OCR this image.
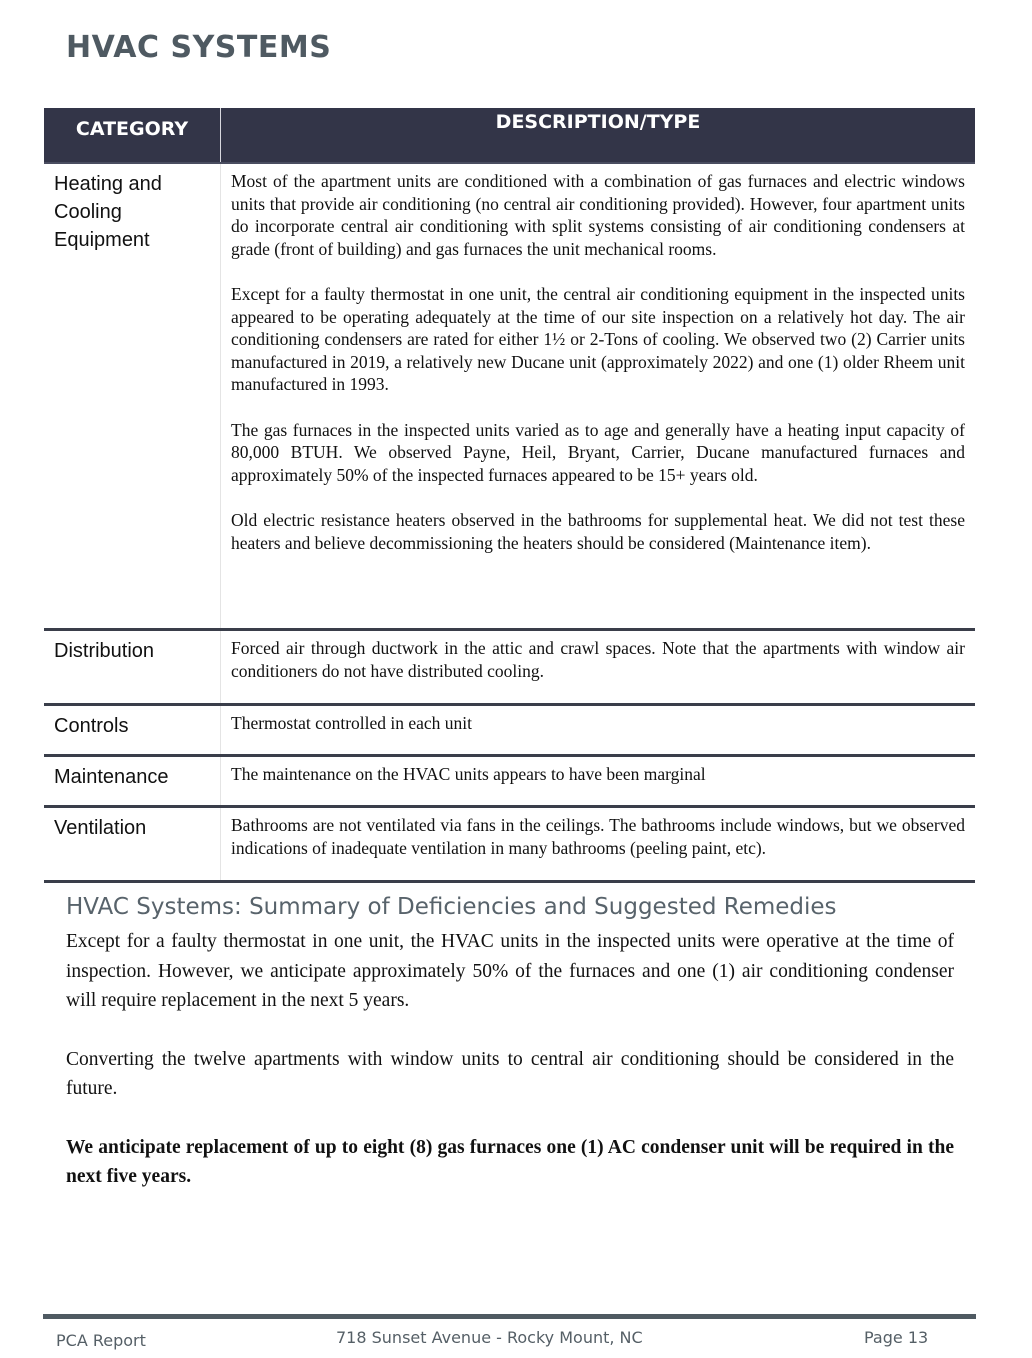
HVAC SYSTEMS
CATEGORY	DESCRIPTION/TYPE
Heating and Cooling Equipment	Most of the apartment units are conditioned with a combination of gas furnaces and electric windows units that provide air conditioning (no central air conditioning provided). However, four apartment units do incorporate central air conditioning with split systems consisting of air conditioning condensers at grade (front of building) and gas furnaces the unit mechanical rooms.

Except for a faulty thermostat in one unit, the central air conditioning equipment in the inspected units appeared to be operating adequately at the time of our site inspection on a relatively hot day. The air conditioning condensers are rated for either 1½ or 2-Tons of cooling. We observed two (2) Carrier units manufactured in 2019, a relatively new Ducane unit (approximately 2022) and one (1) older Rheem unit manufactured in 1993.

The gas furnaces in the inspected units varied as to age and generally have a heating input capacity of 80,000 BTUH. We observed Payne, Heil, Bryant, Carrier, Ducane manufactured furnaces and approximately 50% of the inspected furnaces appeared to be 15+ years old.

Old electric resistance heaters observed in the bathrooms for supplemental heat. We did not test these heaters and believe decommissioning the heaters should be considered (Maintenance item).

Distribution	Forced air through ductwork in the attic and crawl spaces. Note that the apartments with window air conditioners do not have distributed cooling.

Controls	Thermostat controlled in each unit

Maintenance	The maintenance on the HVAC units appears to have been marginal

Ventilation	Bathrooms are not ventilated via fans in the ceilings. The bathrooms include windows, but we observed indications of inadequate ventilation in many bathrooms (peeling paint, etc).

HVAC Systems: Summary of Deficiencies and Suggested Remedies

Except for a faulty thermostat in one unit, the HVAC units in the inspected units were operative at the time of inspection. However, we anticipate approximately 50% of the furnaces and one (1) air conditioning condenser will require replacement in the next 5 years.

Converting the twelve apartments with window units to central air conditioning should be considered in the future.

We anticipate replacement of up to eight (8) gas furnaces one (1) AC condenser unit will be required in the next five years.

PCA Report	718 Sunset Avenue - Rocky Mount, NC	Page 13
